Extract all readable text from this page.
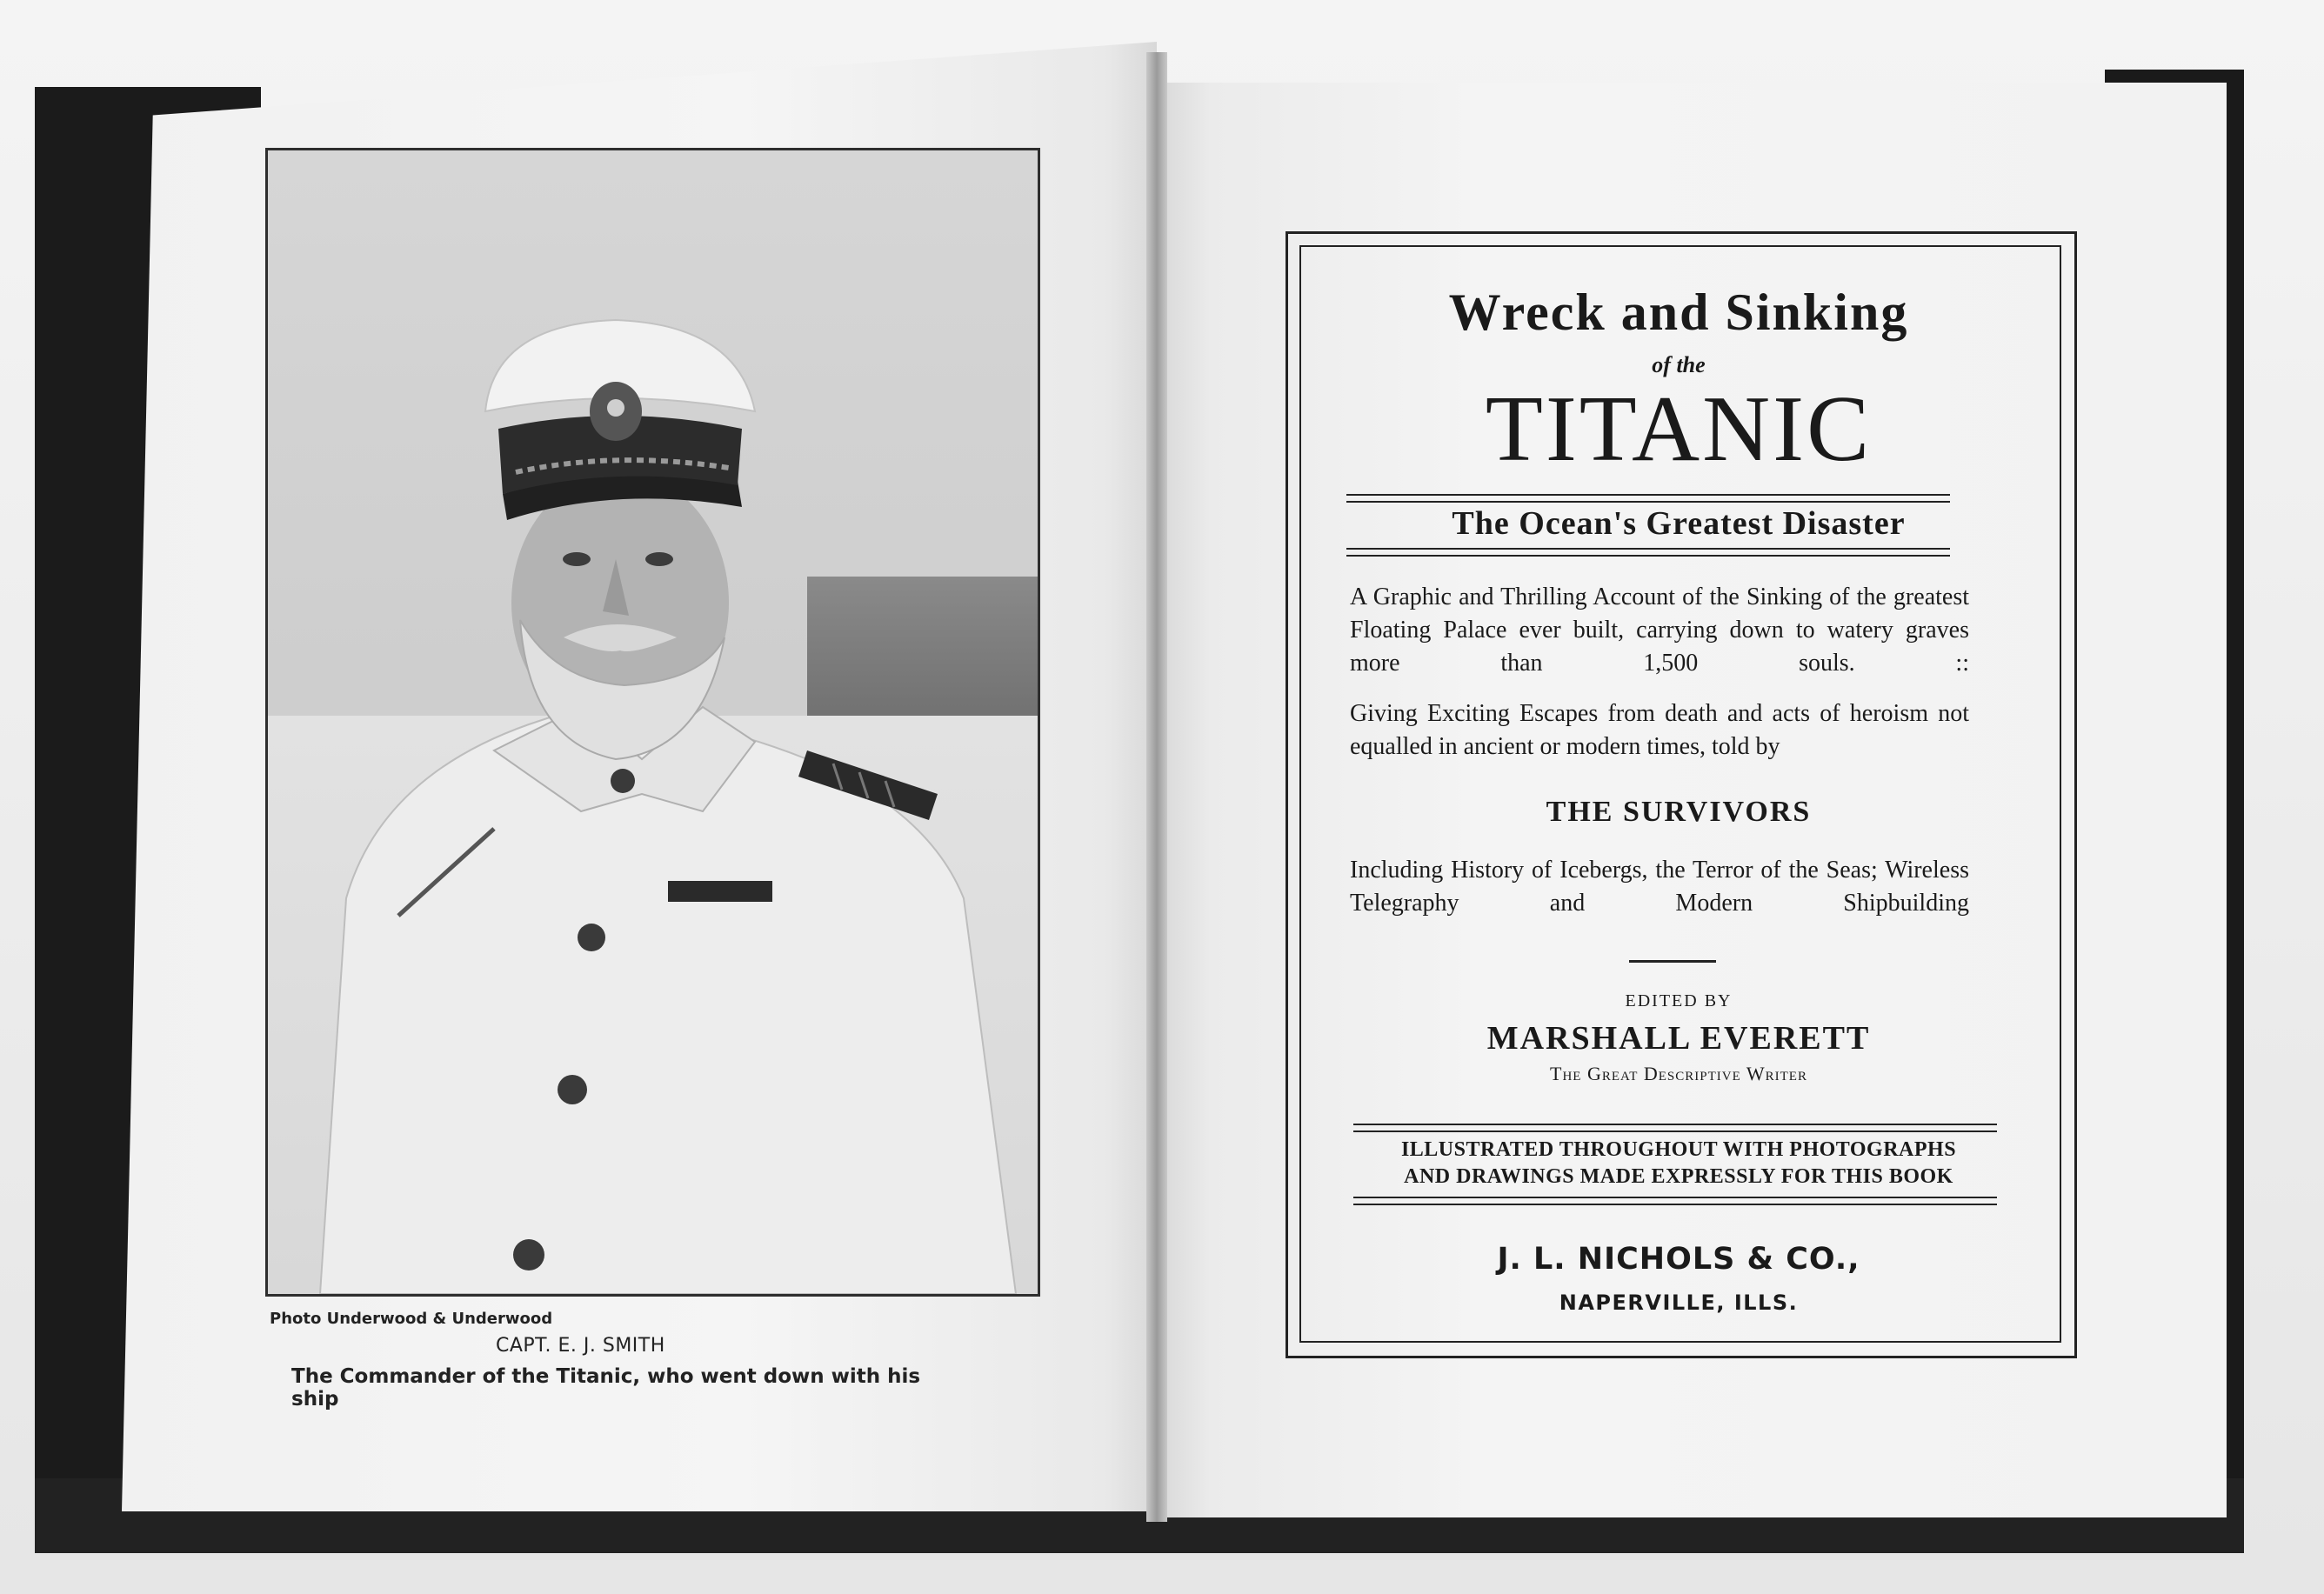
Photo Underwood & Underwood
CAPT. E. J. SMITH
The Commander of the Titanic, who went down with his ship
Wreck and Sinking
of the
TITANIC
The Ocean's Greatest Disaster
A Graphic and Thrilling Account of the Sinking of the greatest Floating Palace ever built, carrying down to watery graves more than 1,500 souls. ::
Giving Exciting Escapes from death and acts of heroism not equalled in ancient or modern times, told by
THE SURVIVORS
Including History of Icebergs, the Terror of the Seas; Wireless Telegraphy and Modern Shipbuilding
EDITED BY
MARSHALL EVERETT
The Great Descriptive Writer
ILLUSTRATED THROUGHOUT WITH PHOTOGRAPHS
AND DRAWINGS MADE EXPRESSLY FOR THIS BOOK
J. L. NICHOLS & CO.,
NAPERVILLE, ILLS.
